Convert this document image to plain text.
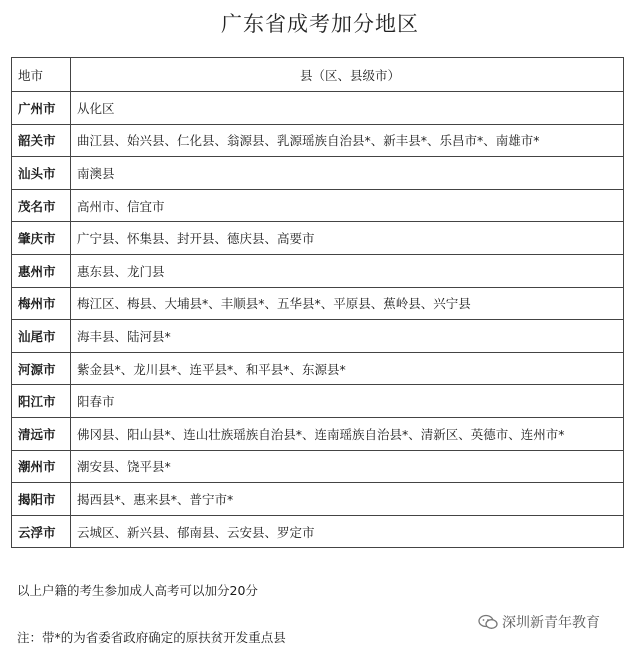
广东省成考加分地区
地市	县（区、县级市）
广州市	从化区
韶关市	曲江县、始兴县、仁化县、翁源县、乳源瑶族自治县*、新丰县*、乐昌市*、南雄市*
汕头市	南澳县
茂名市	高州市、信宜市
肇庆市	广宁县、怀集县、封开县、德庆县、高要市
惠州市	惠东县、龙门县
梅州市	梅江区、梅县、大埔县*、丰顺县*、五华县*、平原县、蕉岭县、兴宁县
汕尾市	海丰县、陆河县*
河源市	紫金县*、龙川县*、连平县*、和平县*、东源县*
阳江市	阳春市
清远市	佛冈县、阳山县*、连山壮族瑶族自治县*、连南瑶族自治县*、清新区、英德市、连州市*
潮州市	潮安县、饶平县*
揭阳市	揭西县*、惠来县*、普宁市*
云浮市	云城区、新兴县、郁南县、云安县、罗定市
以上户籍的考生参加成人高考可以加分20分
深圳新青年教育
注：带*的为省委省政府确定的原扶贫开发重点县
